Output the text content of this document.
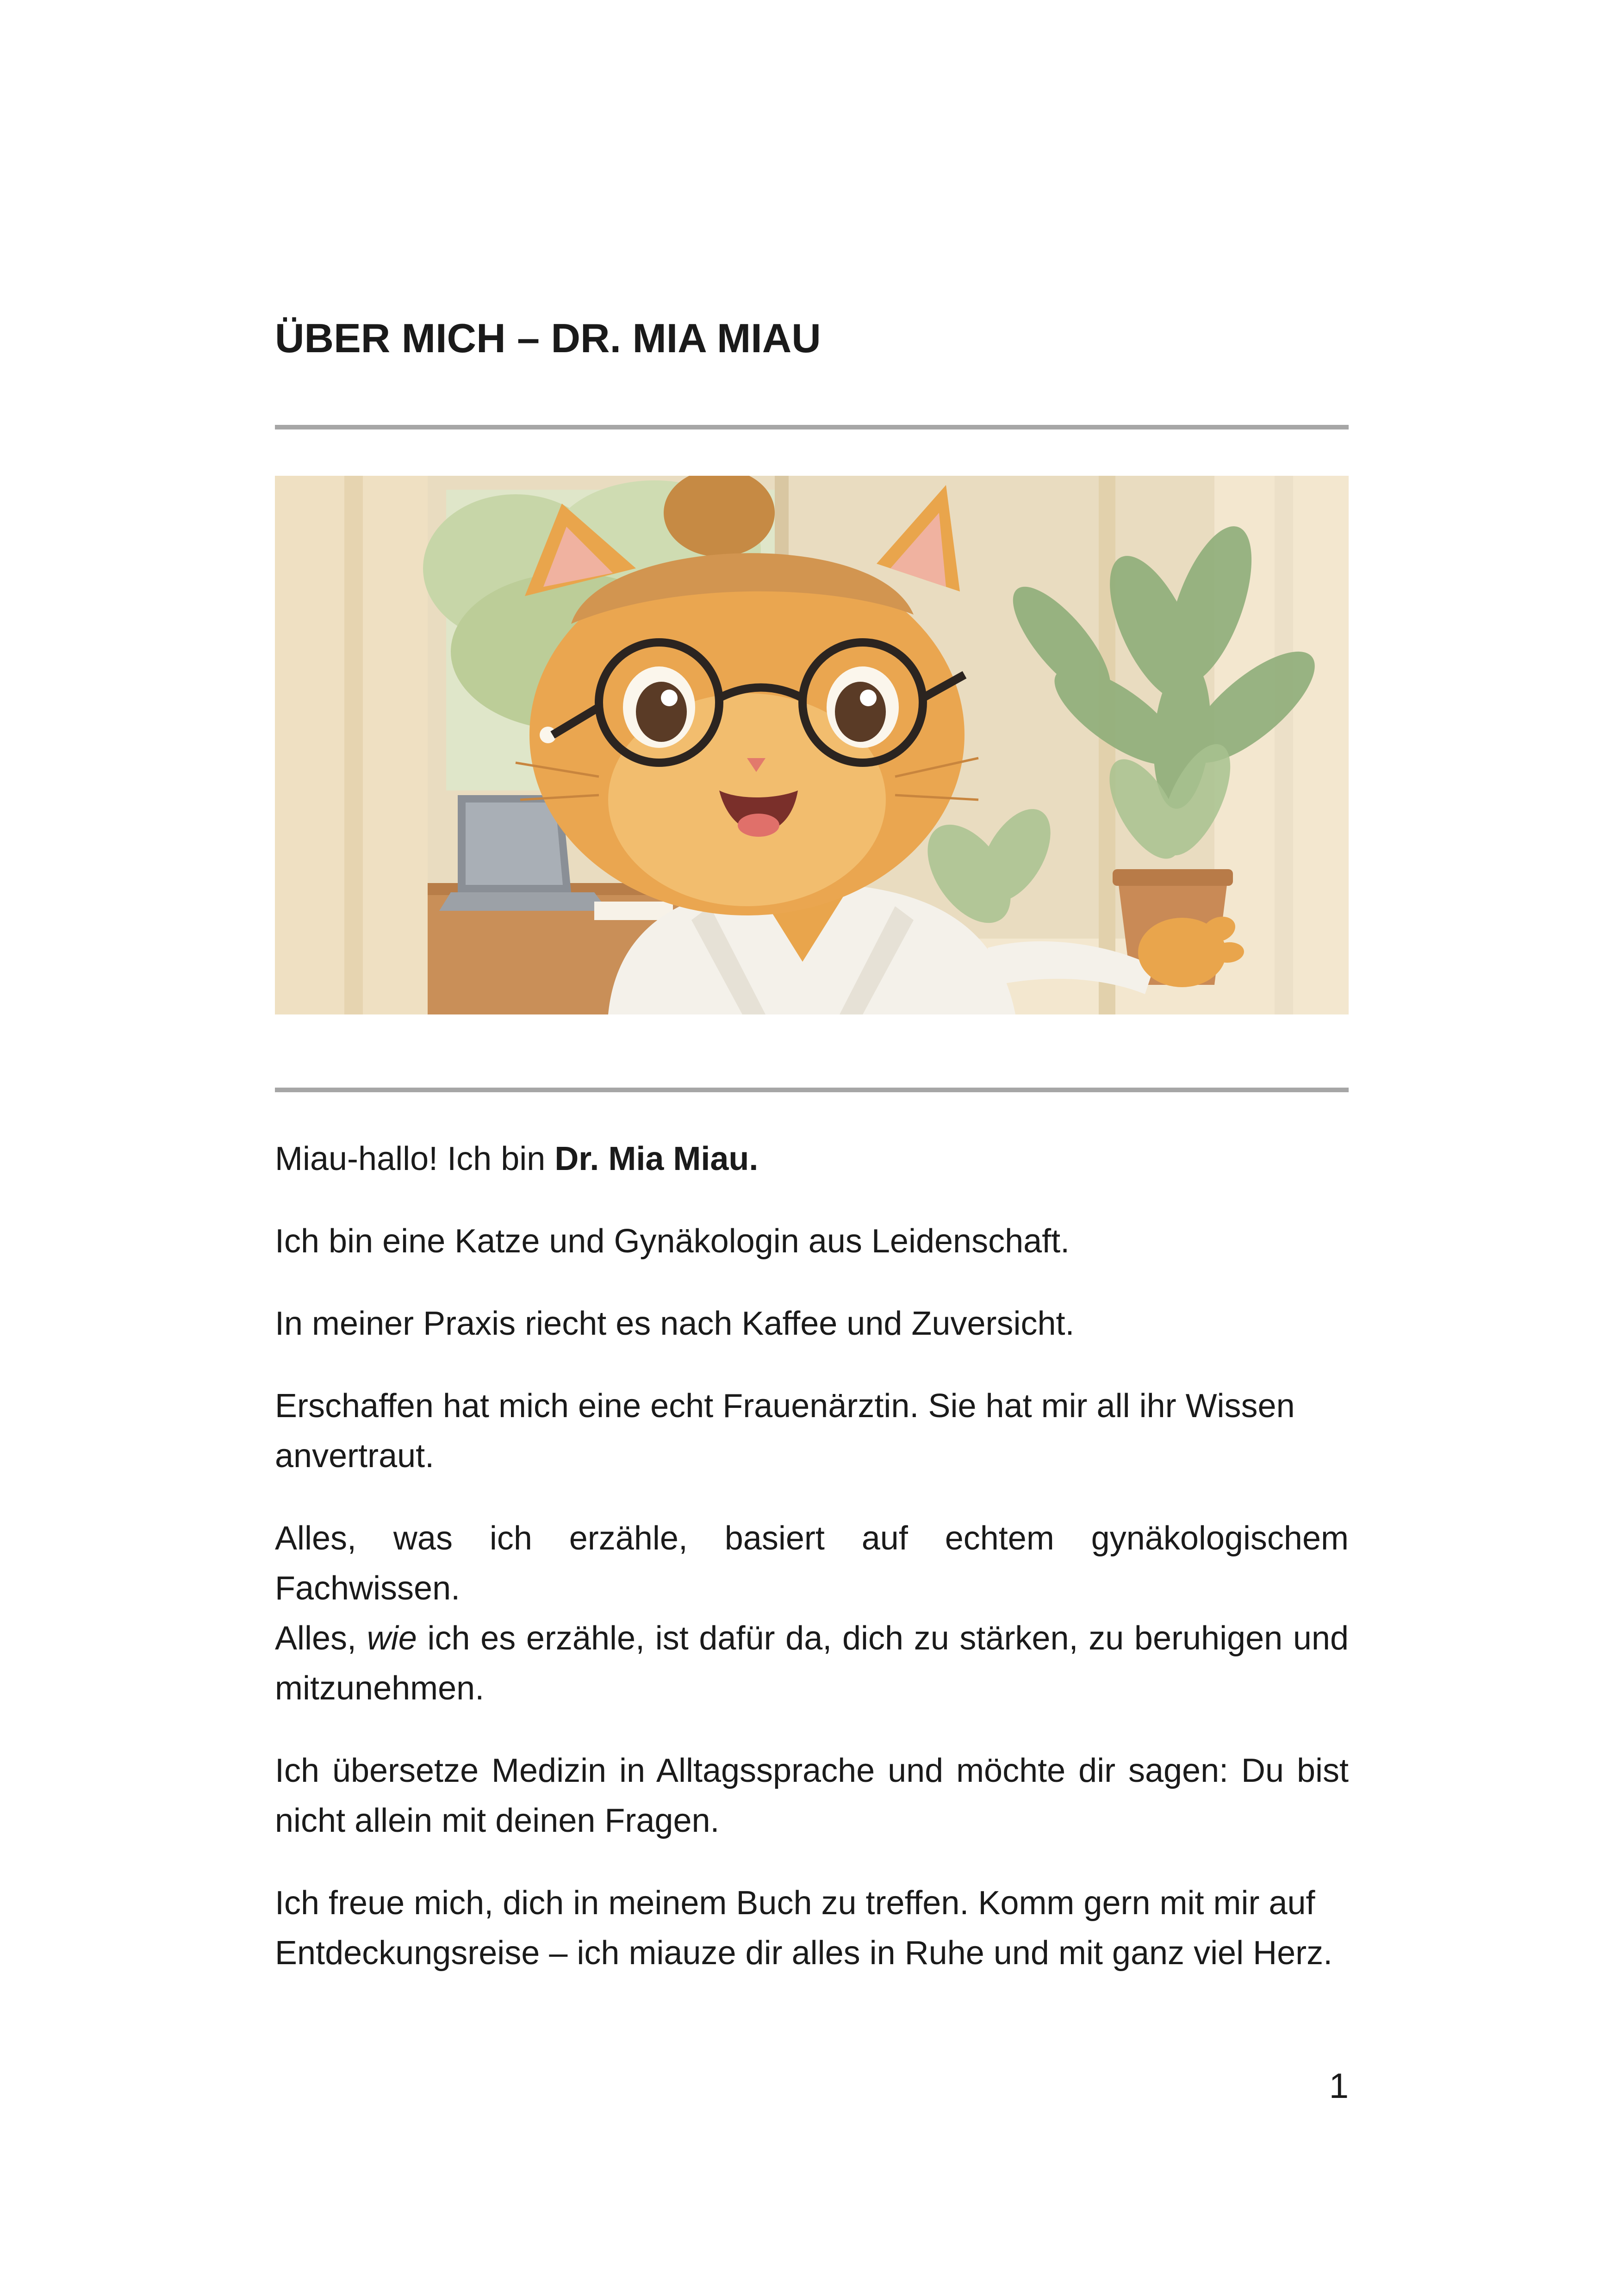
ÜBER MICH – DR. MIA MIAU

Miau-hallo! Ich bin Dr. Mia Miau.

Ich bin eine Katze und Gynäkologin aus Leidenschaft.

In meiner Praxis riecht es nach Kaffee und Zuversicht.

Erschaffen hat mich eine echt Frauenärztin. Sie hat mir all ihr Wissen anvertraut.

Alles, was ich erzähle, basiert auf echtem gynäkologischem Fachwissen.

Alles, wie ich es erzähle, ist dafür da, dich zu stärken, zu beruhigen und mitzunehmen.

Ich übersetze Medizin in Alltagssprache und möchte dir sagen: Du bist nicht allein mit deinen Fragen.

Ich freue mich, dich in meinem Buch zu treffen. Komm gern mit mir auf Entdeckungsreise – ich miauze dir alles in Ruhe und mit ganz viel Herz.

1
